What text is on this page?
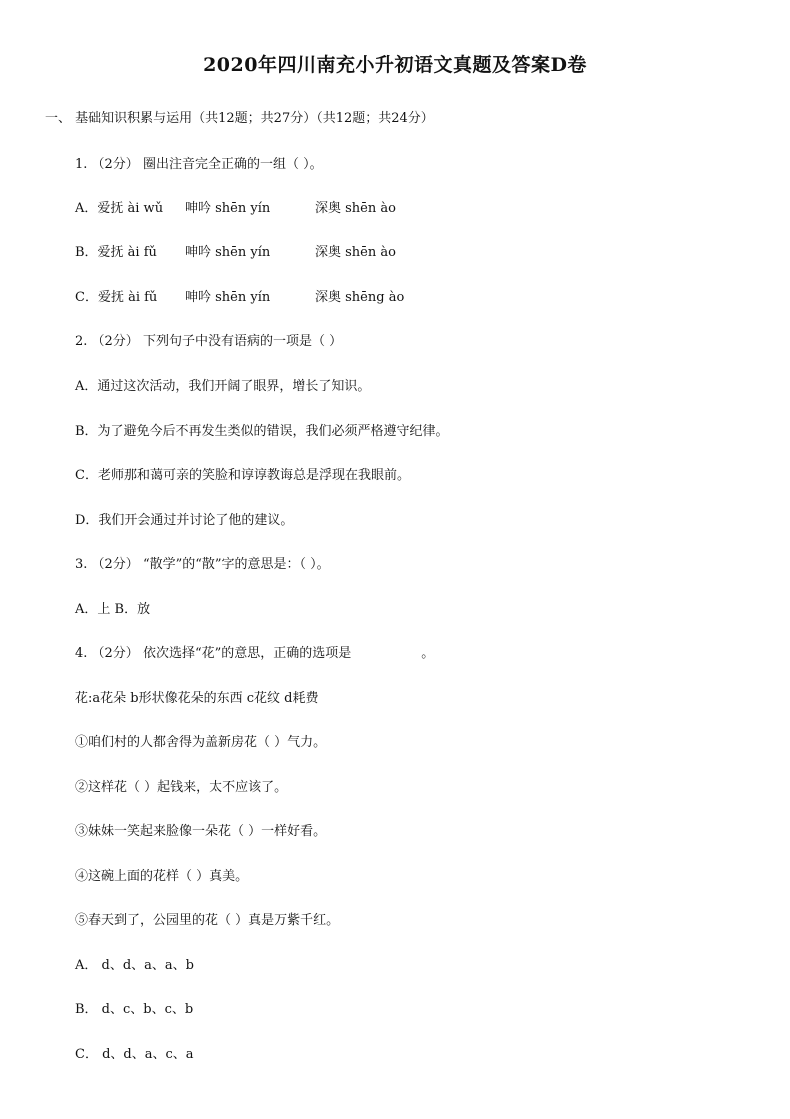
2020年四川南充小升初语文真题及答案D卷
一、 基础知识积累与运用（共12题；共27分）（共12题；共24分）
1. （2分） 圈出注音完全正确的一组（ ）。
A．爱抚 ài wǔ 呻吟 shēn yín	深奥 shēn ào
B．爱抚 ài fǔ 呻吟 shēn yín	深奥 shēn ào
C．爱抚 ài fǔ 呻吟 shēn yín	深奥 shēng ào
2. （2分） 下列句子中没有语病的一项是（ ）
A．通过这次活动，我们开阔了眼界，增长了知识。
B．为了避免今后不再发生类似的错误，我们必须严格遵守纪律。
C．老师那和蔼可亲的笑脸和谆谆教诲总是浮现在我眼前。
D．我们开会通过并讨论了他的建议。
3. （2分） “散学”的“散”字的意思是：（ ）。
A．上 B．放
4. （2分） 依次选择“花”的意思，正确的选项是	。
花:a花朵 b形状像花朵的东西 c花纹 d耗费
①咱们村的人都舍得为盖新房花（ ）气力。
②这样花（ ）起钱来，太不应该了。
③妹妹一笑起来脸像一朵花（ ）一样好看。
④这碗上面的花样（ ）真美。
⑤春天到了，公园里的花（ ）真是万紫千红。
A． d、d、a、a、b
B． d、c、b、c、b
C． d、d、a、c、a
